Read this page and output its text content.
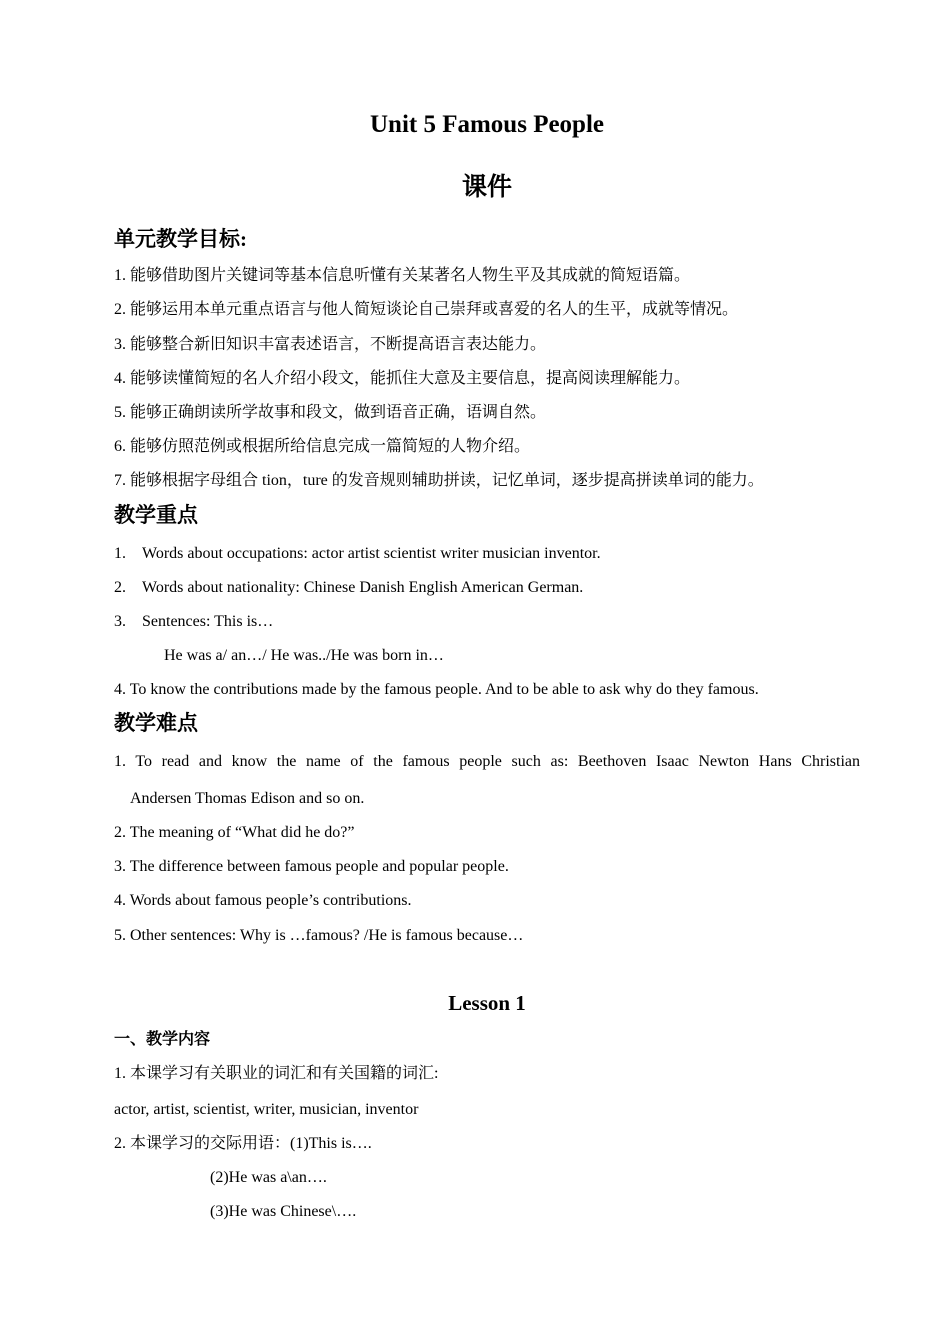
Unit 5 Famous People
课件
单元教学目标:
1. 能够借助图片关键词等基本信息听懂有关某著名人物生平及其成就的简短语篇。
2. 能够运用本单元重点语言与他人简短谈论自己崇拜或喜爱的名人的生平，成就等情况。
3. 能够整合新旧知识丰富表述语言，不断提高语言表达能力。
4. 能够读懂简短的名人介绍小段文，能抓住大意及主要信息，提高阅读理解能力。
5. 能够正确朗读所学故事和段文，做到语音正确，语调自然。
6. 能够仿照范例或根据所给信息完成一篇简短的人物介绍。
7. 能够根据字母组合 tion，ture 的发音规则辅助拼读，记忆单词，逐步提高拼读单词的能力。
教学重点
1. Words about occupations: actor artist scientist writer musician inventor.
2. Words about nationality: Chinese Danish English American German.
3. Sentences: This is…
He was a/ an…/ He was../He was born in…
4. To know the contributions made by the famous people. And to be able to ask why do they famous.
教学难点
1. To read and know the name of the famous people such as: Beethoven Isaac Newton Hans Christian
Andersen Thomas Edison and so on.
2. The meaning of “What did he do?”
3. The difference between famous people and popular people.
4. Words about famous people’s contributions.
5. Other sentences: Why is …famous? /He is famous because…
Lesson 1
一、教学内容
1. 本课学习有关职业的词汇和有关国籍的词汇:
actor, artist, scientist, writer, musician, inventor
2. 本课学习的交际用语：(1)This is….
(2)He was a\an….
(3)He was Chinese\….
